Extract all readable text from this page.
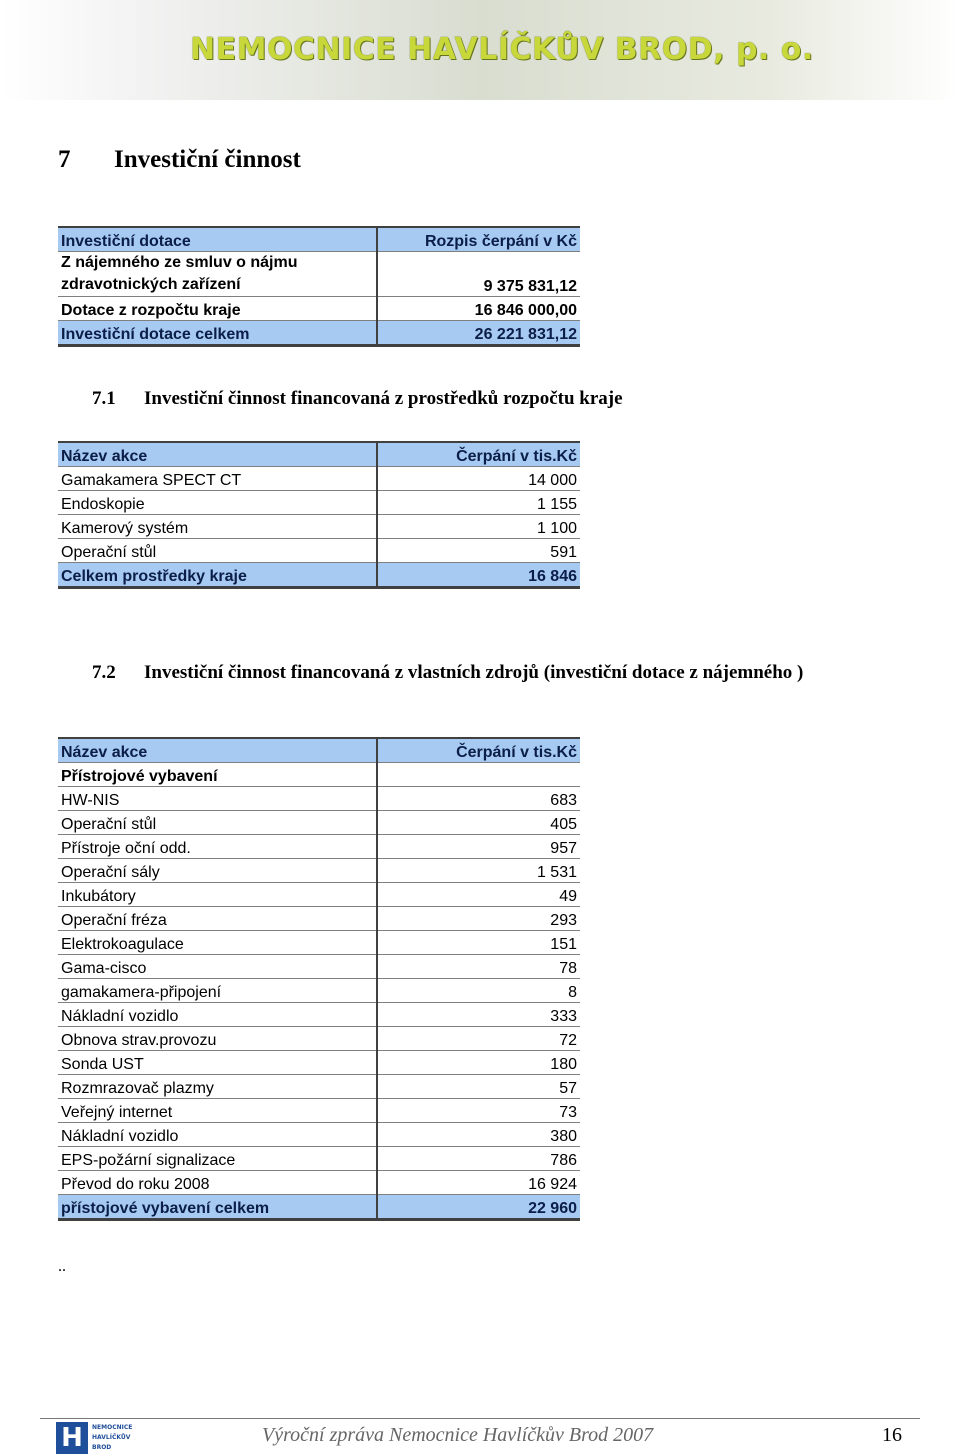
NEMOCNICE HAVLÍČKŮV BROD, p. o.
7 Investiční činnost
Investiční dotace	Rozpis čerpání v Kč
Z nájemného ze smluv o nájmu zdravotnických zařízení	9 375 831,12
Dotace z rozpočtu kraje	16 846 000,00
Investiční dotace celkem	26 221 831,12
7.1 Investiční činnost financovaná z prostředků rozpočtu kraje
Název akce	Čerpání v tis.Kč
Gamakamera SPECT CT	14 000
Endoskopie	1 155
Kamerový systém	1 100
Operační stůl	591
Celkem prostředky kraje	16 846
7.2 Investiční činnost financovaná z vlastních zdrojů (investiční dotace z nájemného )
Název akce	Čerpání v tis.Kč
Přístrojové vybavení	
HW-NIS	683
Operační stůl	405
Přístroje oční odd.	957
Operační sály	1 531
Inkubátory	49
Operační fréza	293
Elektrokoagulace	151
Gama-cisco	78
gamakamera-připojení	8
Nákladní vozidlo	333
Obnova strav.provozu	72
Sonda UST	180
Rozmrazovač plazmy	57
Veřejný internet	73
Nákladní vozidlo	380
EPS-požární signalizace	786
Převod do roku 2008	16 924
přístojové vybavení celkem	22 960
..
H	NEMOCNICE HAVLÍČKŮV BROD
Výroční zpráva Nemocnice Havlíčkův Brod 2007	16
